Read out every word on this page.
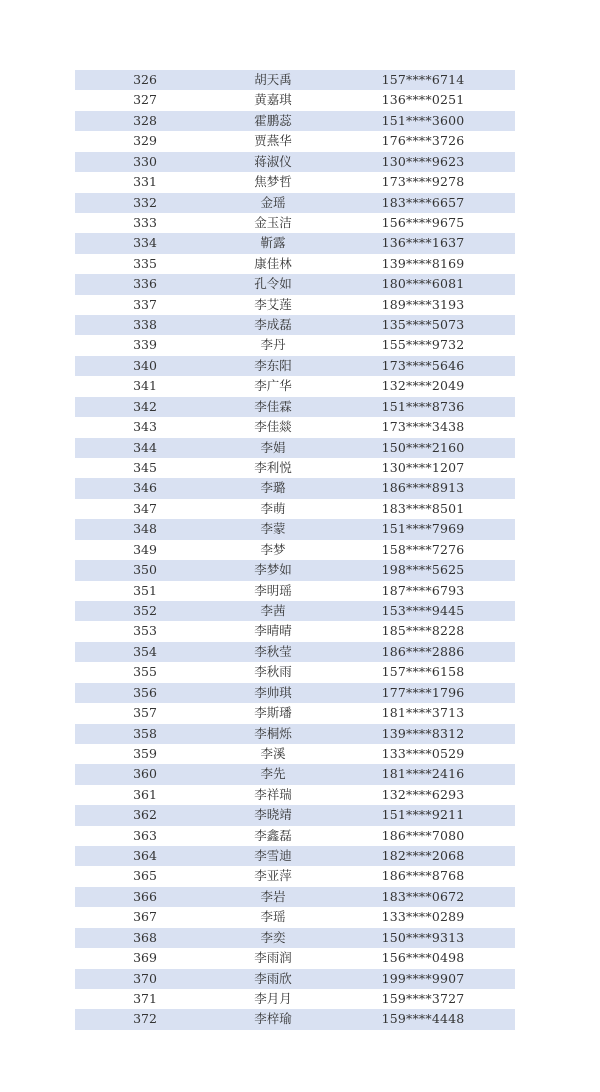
326	胡天禹	157****6714
327	黄嘉琪	136****0251
328	霍鹏蕊	151****3600
329	贾燕华	176****3726
330	蒋淑仪	130****9623
331	焦梦哲	173****9278
332	金瑶	183****6657
333	金玉洁	156****9675
334	靳露	136****1637
335	康佳林	139****8169
336	孔令如	180****6081
337	李艾莲	189****3193
338	李成磊	135****5073
339	李丹	155****9732
340	李东阳	173****5646
341	李广华	132****2049
342	李佳霖	151****8736
343	李佳燚	173****3438
344	李娟	150****2160
345	李利悦	130****1207
346	李璐	186****8913
347	李萌	183****8501
348	李蒙	151****7969
349	李梦	158****7276
350	李梦如	198****5625
351	李明瑶	187****6793
352	李茜	153****9445
353	李晴晴	185****8228
354	李秋莹	186****2886
355	李秋雨	157****6158
356	李帅琪	177****1796
357	李斯璠	181****3713
358	李桐烁	139****8312
359	李溪	133****0529
360	李先	181****2416
361	李祥瑞	132****6293
362	李晓靖	151****9211
363	李鑫磊	186****7080
364	李雪迪	182****2068
365	李亚萍	186****8768
366	李岩	183****0672
367	李瑶	133****0289
368	李奕	150****9313
369	李雨润	156****0498
370	李雨欣	199****9907
371	李月月	159****3727
372	李梓瑜	159****4448
